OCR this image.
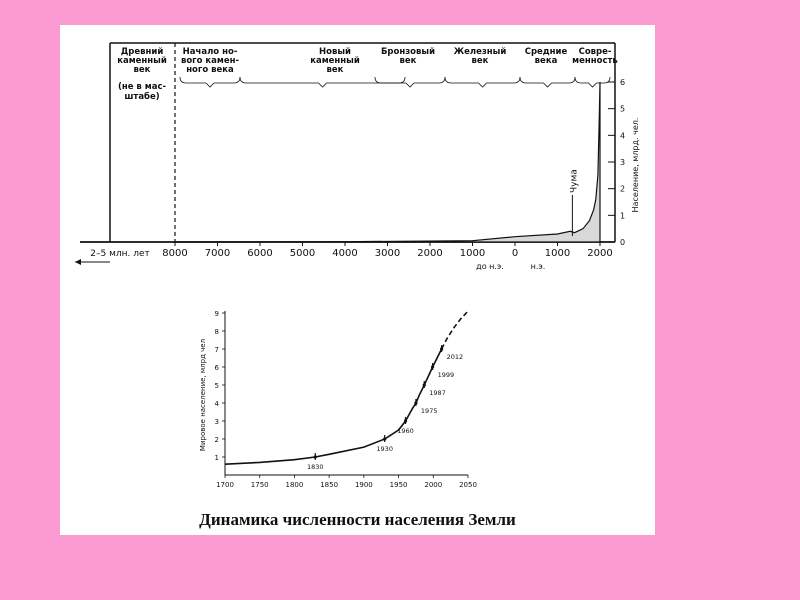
Древний каменный век
Начало но-вого камен-ного века
Новый каменный век
Бронзовый век
Железный век
Средние века
Совре-менность
(не в мас-штабе)
0
1
2
3
4
5
6
Население, млрд. чел.
Чума
8000 7000 6000 5000 4000 3000 2000 1000	0	1000 2000
2–5 млн. лет
до н.э.	н.э.
1
2
3
4
5
6
7
8
9
1700 1750 1800 1850 1900 1950 2000 2050
Мировое население, млрд чел
1830
1930
1960
1975
1987
1999
2012
Динамика численности населения Земли
